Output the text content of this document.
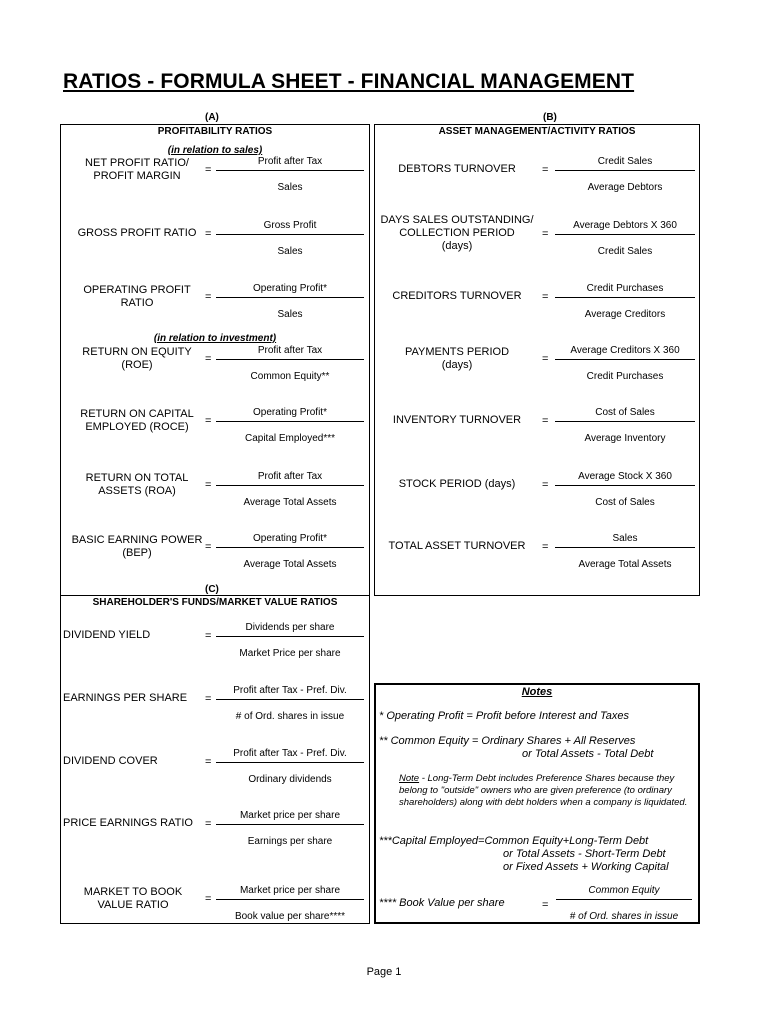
RATIOS - FORMULA SHEET - FINANCIAL MANAGEMENT
(A)	(B)
(C)
PROFITABILITY RATIOS
(in relation to sales)
(in relation to investment)
NET PROFIT RATIO/
PROFIT MARGIN	=
Profit after Tax
Sales
GROSS PROFIT RATIO =
Gross Profit
Sales
OPERATING PROFIT
RATIO	=
Operating Profit*
Sales
RETURN ON EQUITY
(ROE)	=
Profit after Tax
Common Equity**
RETURN ON CAPITAL
EMPLOYED (ROCE)	=
Operating Profit*
Capital Employed***
RETURN ON TOTAL
ASSETS (ROA)	=
Profit after Tax
Average Total Assets
BASIC EARNING POWER
(BEP)	=
Operating Profit*
Average Total Assets
ASSET MANAGEMENT/ACTIVITY RATIOS
DEBTORS TURNOVER	=
Credit Sales
Average Debtors
DAYS SALES OUTSTANDING/
COLLECTION PERIOD
(days)
=
Average Debtors X 360
Credit Sales
CREDITORS TURNOVER	=
Credit Purchases
Average Creditors
PAYMENTS PERIOD
(days)	=
Average Creditors X 360
Credit Purchases
INVENTORY TURNOVER	=
Cost of Sales
Average Inventory
STOCK PERIOD (days)	=
Average Stock X 360
Cost of Sales
TOTAL ASSET TURNOVER	=
Sales
Average Total Assets
SHAREHOLDER'S FUNDS/MARKET VALUE RATIOS
DIVIDEND YIELD	=
Dividends per share
Market Price per share
EARNINGS PER SHARE	=
Profit after Tax - Pref. Div.
# of Ord. shares in issue
DIVIDEND COVER	=
Profit after Tax - Pref. Div.
Ordinary dividends
PRICE EARNINGS RATIO	=
Market price per share
Earnings per share
MARKET TO BOOK
VALUE RATIO	=
Market price per share
Book value per share****
Notes
* Operating Profit = Profit before Interest and Taxes
** Common Equity = Ordinary Shares + All Reserves
or Total Assets - Total Debt
Note - Long-Term Debt includes Preference Shares because they belong to "outside" owners who are given preference (to ordinary shareholders) along with debt holders when a company is liquidated.
***Capital Employed=Common Equity+Long-Term Debt
or Total Assets - Short-Term Debt
or Fixed Assets + Working Capital
**** Book Value per share	=
Common Equity
# of Ord. shares in issue
Page 1
